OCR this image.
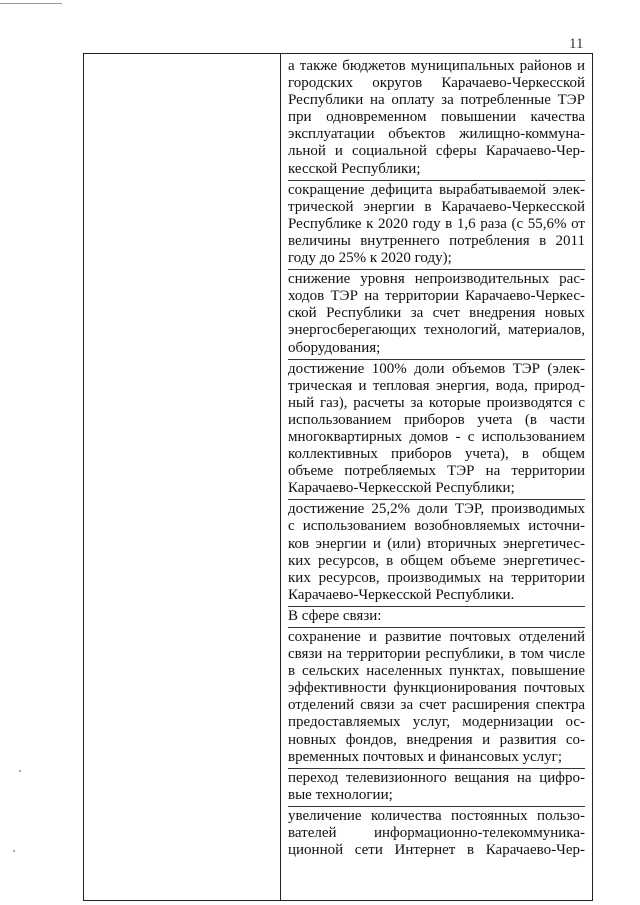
11
а также бюджетов муниципальных районов и
городских округов Карачаево-Черкесской
Республики на оплату за потребленные ТЭР
при одновременном повышении качества
эксплуатации объектов жилищно-коммуна-
льной и социальной сферы Карачаево-Чер-
кесской Республики;
сокращение дефицита вырабатываемой элек-
трической энергии в Карачаево-Черкесской
Республике к 2020 году в 1,6 раза (с 55,6% от
величины внутреннего потребления в 2011
году до 25% к 2020 году);
снижение уровня непроизводительных рас-
ходов ТЭР на территории Карачаево-Черкес-
ской Республики за счет внедрения новых
энергосберегающих технологий, материалов,
оборудования;
достижение 100% доли объемов ТЭР (элек-
трическая и тепловая энергия, вода, природ-
ный газ), расчеты за которые производятся с
использованием приборов учета (в части
многоквартирных домов - с использованием
коллективных приборов учета), в общем
объеме потребляемых ТЭР на территории
Карачаево-Черкесской Республики;
достижение 25,2% доли ТЭР, производимых
с использованием возобновляемых источни-
ков энергии и (или) вторичных энергетичес-
ких ресурсов, в общем объеме энергетичес-
ких ресурсов, производимых на территории
Карачаево-Черкесской Республики.
В сфере связи:
сохранение и развитие почтовых отделений
связи на территории республики, в том числе
в сельских населенных пунктах, повышение
эффективности функционирования почтовых
отделений связи за счет расширения спектра
предоставляемых услуг, модернизации ос-
новных фондов, внедрения и развития со-
временных почтовых и финансовых услуг;
переход телевизионного вещания на цифро-
вые технологии;
увеличение количества постоянных пользо-
вателей информационно-телекоммуника-
ционной сети Интернет в Карачаево-Чер-
